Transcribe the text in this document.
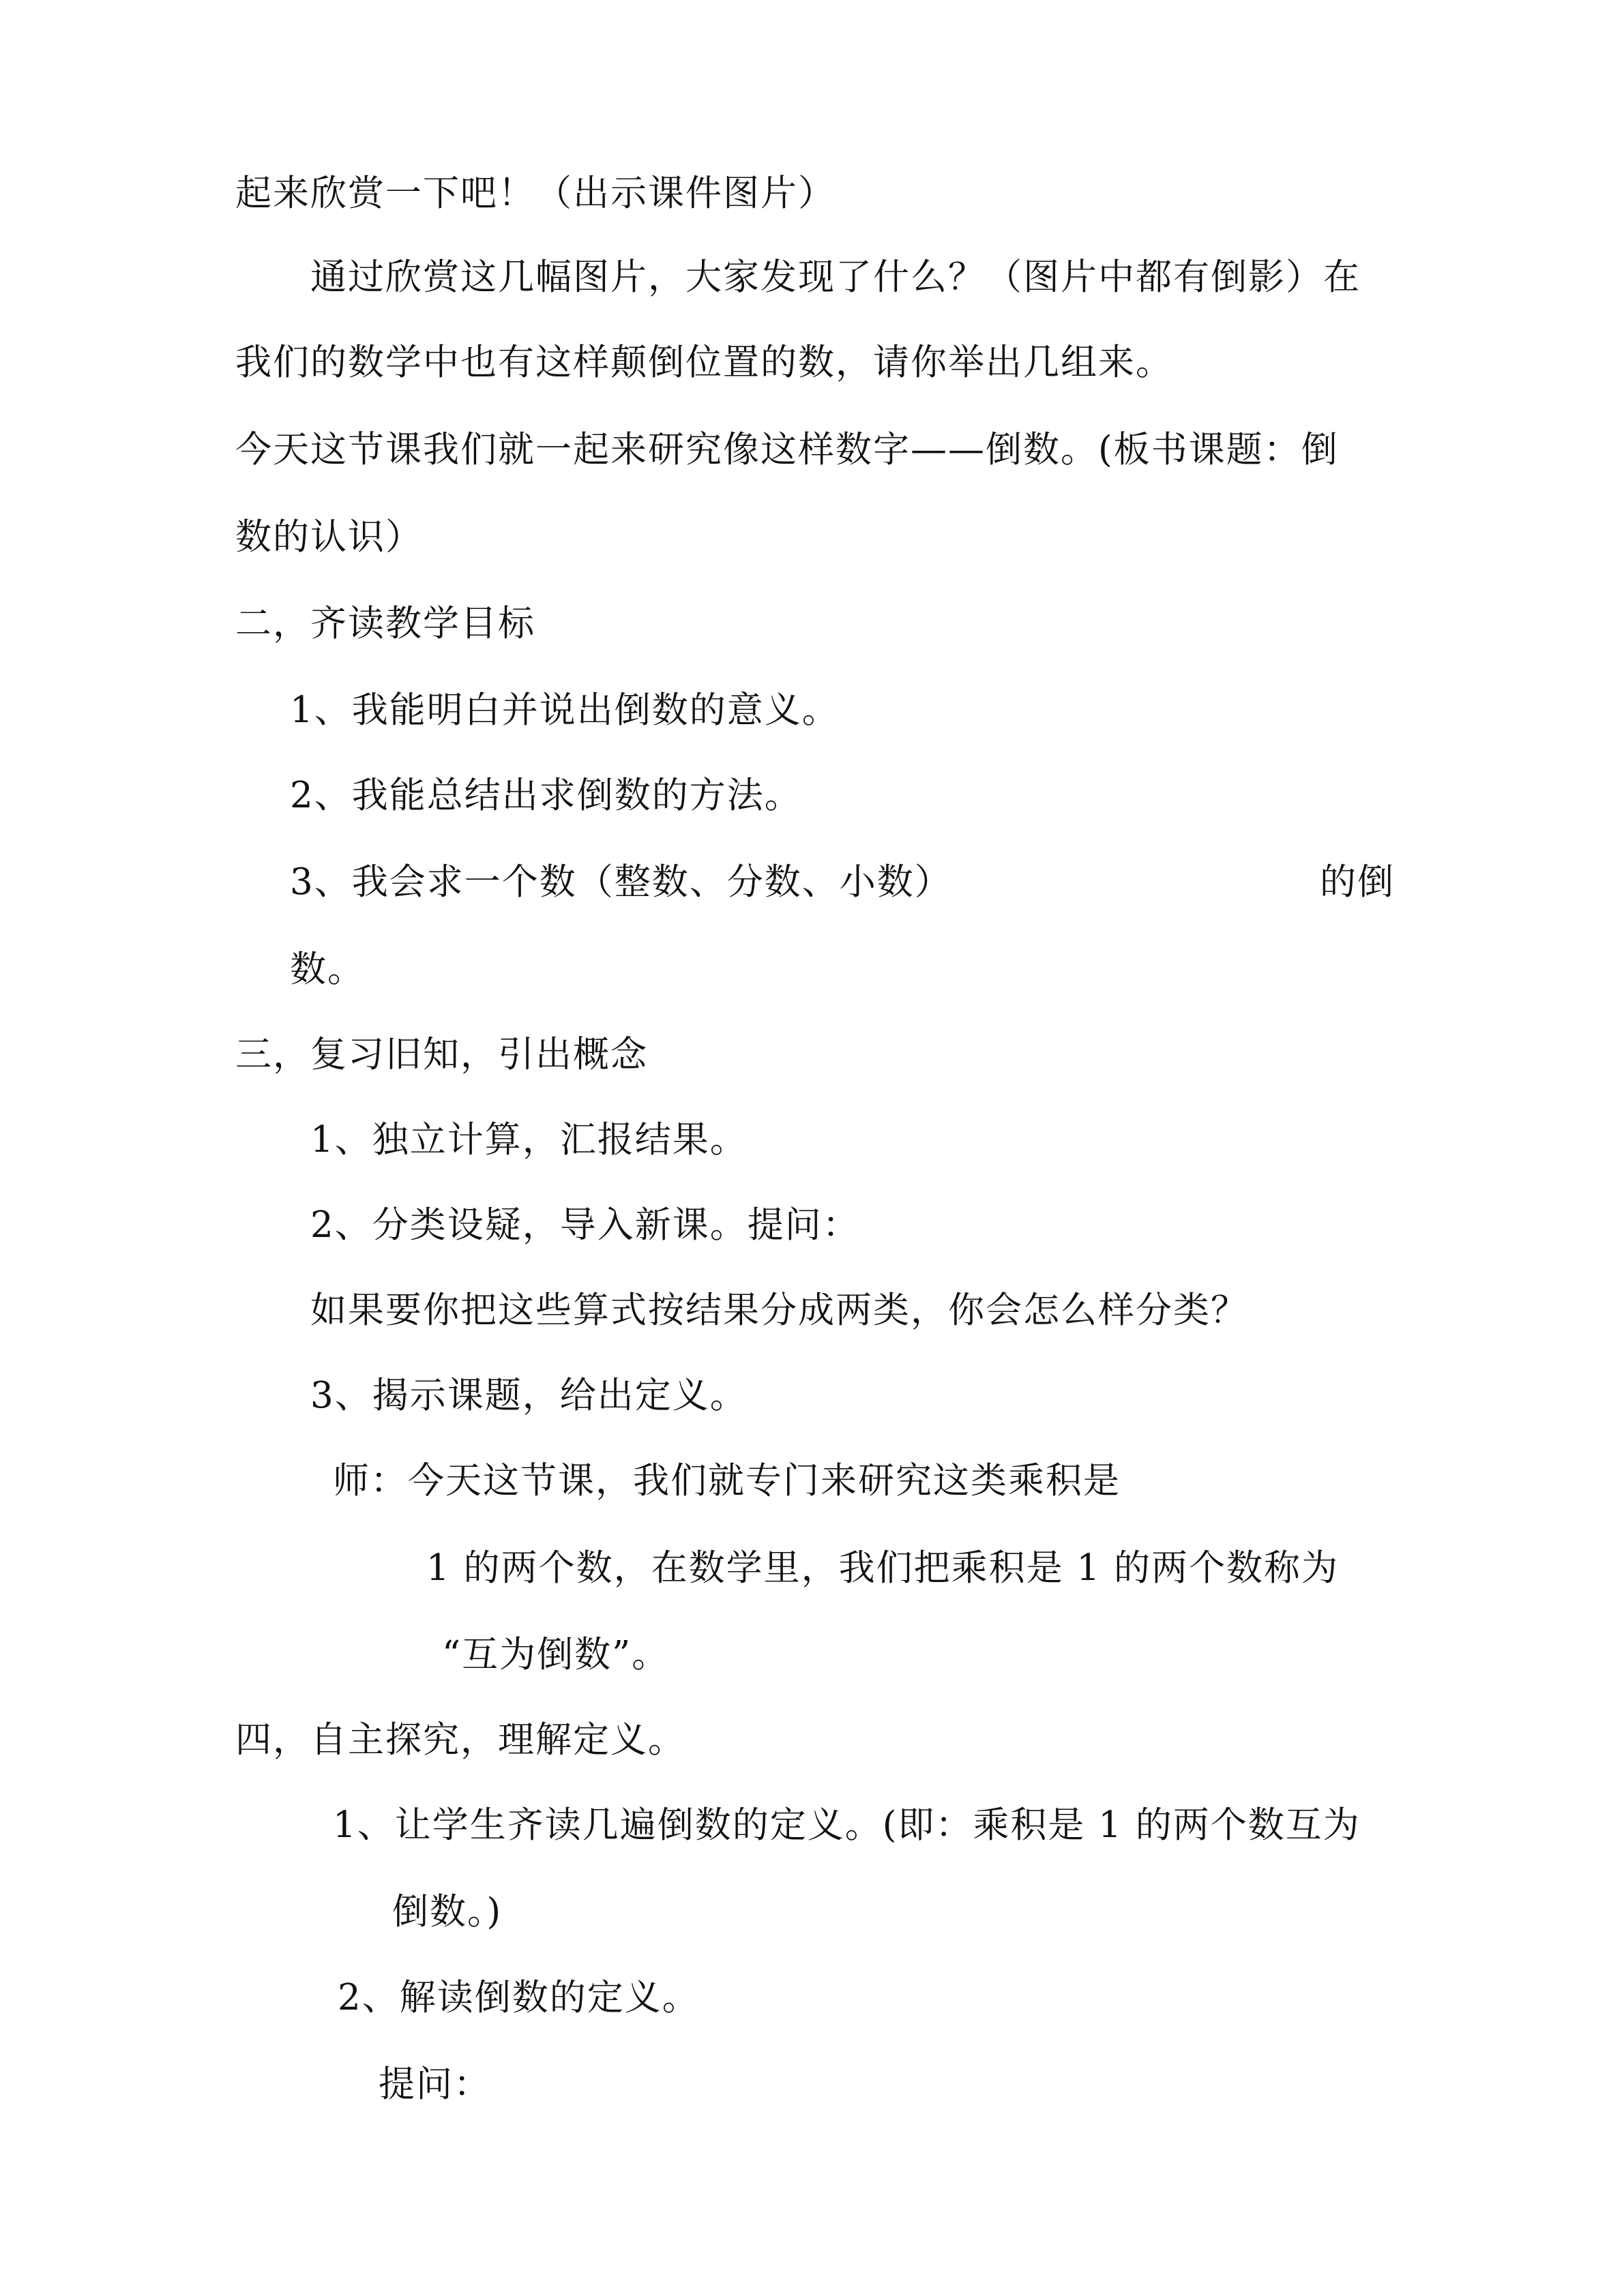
起来欣赏一下吧！（出示课件图片）
通过欣赏这几幅图片，大家发现了什么？（图片中都有倒影）在
我们的数学中也有这样颠倒位置的数，请你举出几组来。
今天这节课我们就一起来研究像这样数字——倒数。(板书课题：倒
数的认识）
二，齐读教学目标
1、我能明白并说出倒数的意义。
2、我能总结出求倒数的方法。
3、我会求一个数（整数、分数、小数）	的倒
数。
三，复习旧知，引出概念
1、独立计算，汇报结果。
2、分类设疑，导入新课。提问：
如果要你把这些算式按结果分成两类，你会怎么样分类？
3、揭示课题，给出定义。
师：今天这节课，我们就专门来研究这类乘积是
1 的两个数，在数学里，我们把乘积是 1 的两个数称为
“互为倒数”。
四，自主探究，理解定义。
1、让学生齐读几遍倒数的定义。(即：乘积是 1 的两个数互为
倒数。)
2、解读倒数的定义。
提问：
